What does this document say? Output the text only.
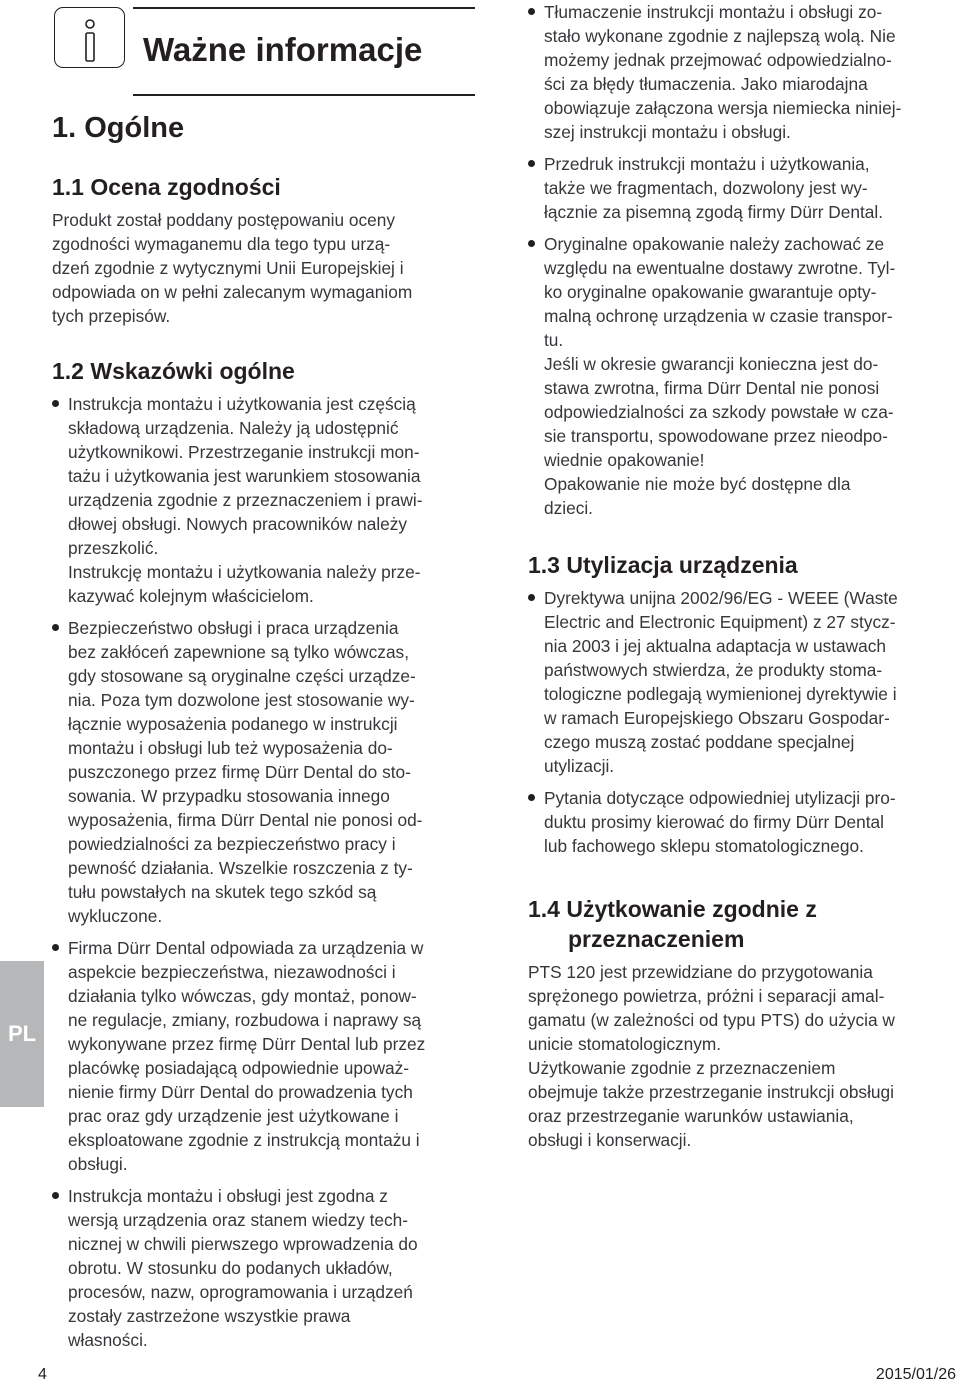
Ważne informacje
1. Ogólne
1.1 Ocena zgodności

Produkt został poddany postępowaniu oceny
zgodności wymaganemu dla tego typu urzą-
dzeń zgodnie z wytycznymi Unii Europejskiej i
odpowiada on w pełni zalecanym wymaganiom
tych przepisów.

1.2 Wskazówki ogólne

Instrukcja montażu i użytkowania jest częścią
składową urządzenia. Należy ją udostępnić
użytkownikowi. Przestrzeganie instrukcji mon-
tażu i użytkowania jest warunkiem stosowania
urządzenia zgodnie z przeznaczeniem i prawi-
dłowej obsługi. Nowych pracowników należy
przeszkolić.
Instrukcję montażu i użytkowania należy prze-
kazywać kolejnym właścicielom.

Bezpieczeństwo obsługi i praca urządzenia
bez zakłóceń zapewnione są tylko wówczas,
gdy stosowane są oryginalne części urządze-
nia. Poza tym dozwolone jest stosowanie wy-
łącznie wyposażenia podanego w instrukcji
montażu i obsługi lub też wyposażenia do-
puszczonego przez firmę Dürr Dental do sto-
sowania. W przypadku stosowania innego
wyposażenia, firma Dürr Dental nie ponosi od-
powiedzialności za bezpieczeństwo pracy i
pewność działania. Wszelkie roszczenia z ty-
tułu powstałych na skutek tego szkód są
wykluczone.

Firma Dürr Dental odpowiada za urządzenia w
aspekcie bezpieczeństwa, niezawodności i
działania tylko wówczas, gdy montaż, ponow-
ne regulacje, zmiany, rozbudowa i naprawy są
wykonywane przez firmę Dürr Dental lub przez
placówkę posiadającą odpowiednie upoważ-
nienie firmy Dürr Dental do prowadzenia tych
prac oraz gdy urządzenie jest użytkowane i
eksploatowane zgodnie z instrukcją montażu i
obsługi.

Instrukcja montażu i obsługi jest zgodna z
wersją urządzenia oraz stanem wiedzy tech-
nicznej w chwili pierwszego wprowadzenia do
obrotu. W stosunku do podanych układów,
procesów, nazw, oprogramowania i urządzeń
zostały zastrzeżone wszystkie prawa
własności.

Tłumaczenie instrukcji montażu i obsługi zo-
stało wykonane zgodnie z najlepszą wolą. Nie
możemy jednak przejmować odpowiedzialno-
ści za błędy tłumaczenia. Jako miarodajna
obowiązuje załączona wersja niemiecka niniej-
szej instrukcji montażu i obsługi.

Przedruk instrukcji montażu i użytkowania,
także we fragmentach, dozwolony jest wy-
łącznie za pisemną zgodą firmy Dürr Dental.

Oryginalne opakowanie należy zachować ze
względu na ewentualne dostawy zwrotne. Tyl-
ko oryginalne opakowanie gwarantuje opty-
malną ochronę urządzenia w czasie transpor-
tu.
Jeśli w okresie gwarancji konieczna jest do-
stawa zwrotna, firma Dürr Dental nie ponosi
odpowiedzialności za szkody powstałe w cza-
sie transportu, spowodowane przez nieodpo-
wiednie opakowanie!
Opakowanie nie może być dostępne dla
dzieci.

1.3 Utylizacja urządzenia

Dyrektywa unijna 2002/96/EG - WEEE (Waste
Electric and Electronic Equipment) z 27 stycz-
nia 2003 i jej aktualna adaptacja w ustawach
państwowych stwierdza, że produkty stoma-
tologiczne podlegają wymienionej dyrektywie i
w ramach Europejskiego Obszaru Gospodar-
czego muszą zostać poddane specjalnej
utylizacji.

Pytania dotyczące odpowiedniej utylizacji pro-
duktu prosimy kierować do firmy Dürr Dental
lub fachowego sklepu stomatologicznego.

1.4 Użytkowanie zgodnie z
przeznaczeniem

PTS 120 jest przewidziane do przygotowania
sprężonego powietrza, próżni i separacji amal-
gamatu (w zależności od typu PTS) do użycia w
unicie stomatologicznym.
Użytkowanie zgodnie z przeznaczeniem
obejmuje także przestrzeganie instrukcji obsługi
oraz przestrzeganie warunków ustawiania,
obsługi i konserwacji.

PL
4	2015/01/26
